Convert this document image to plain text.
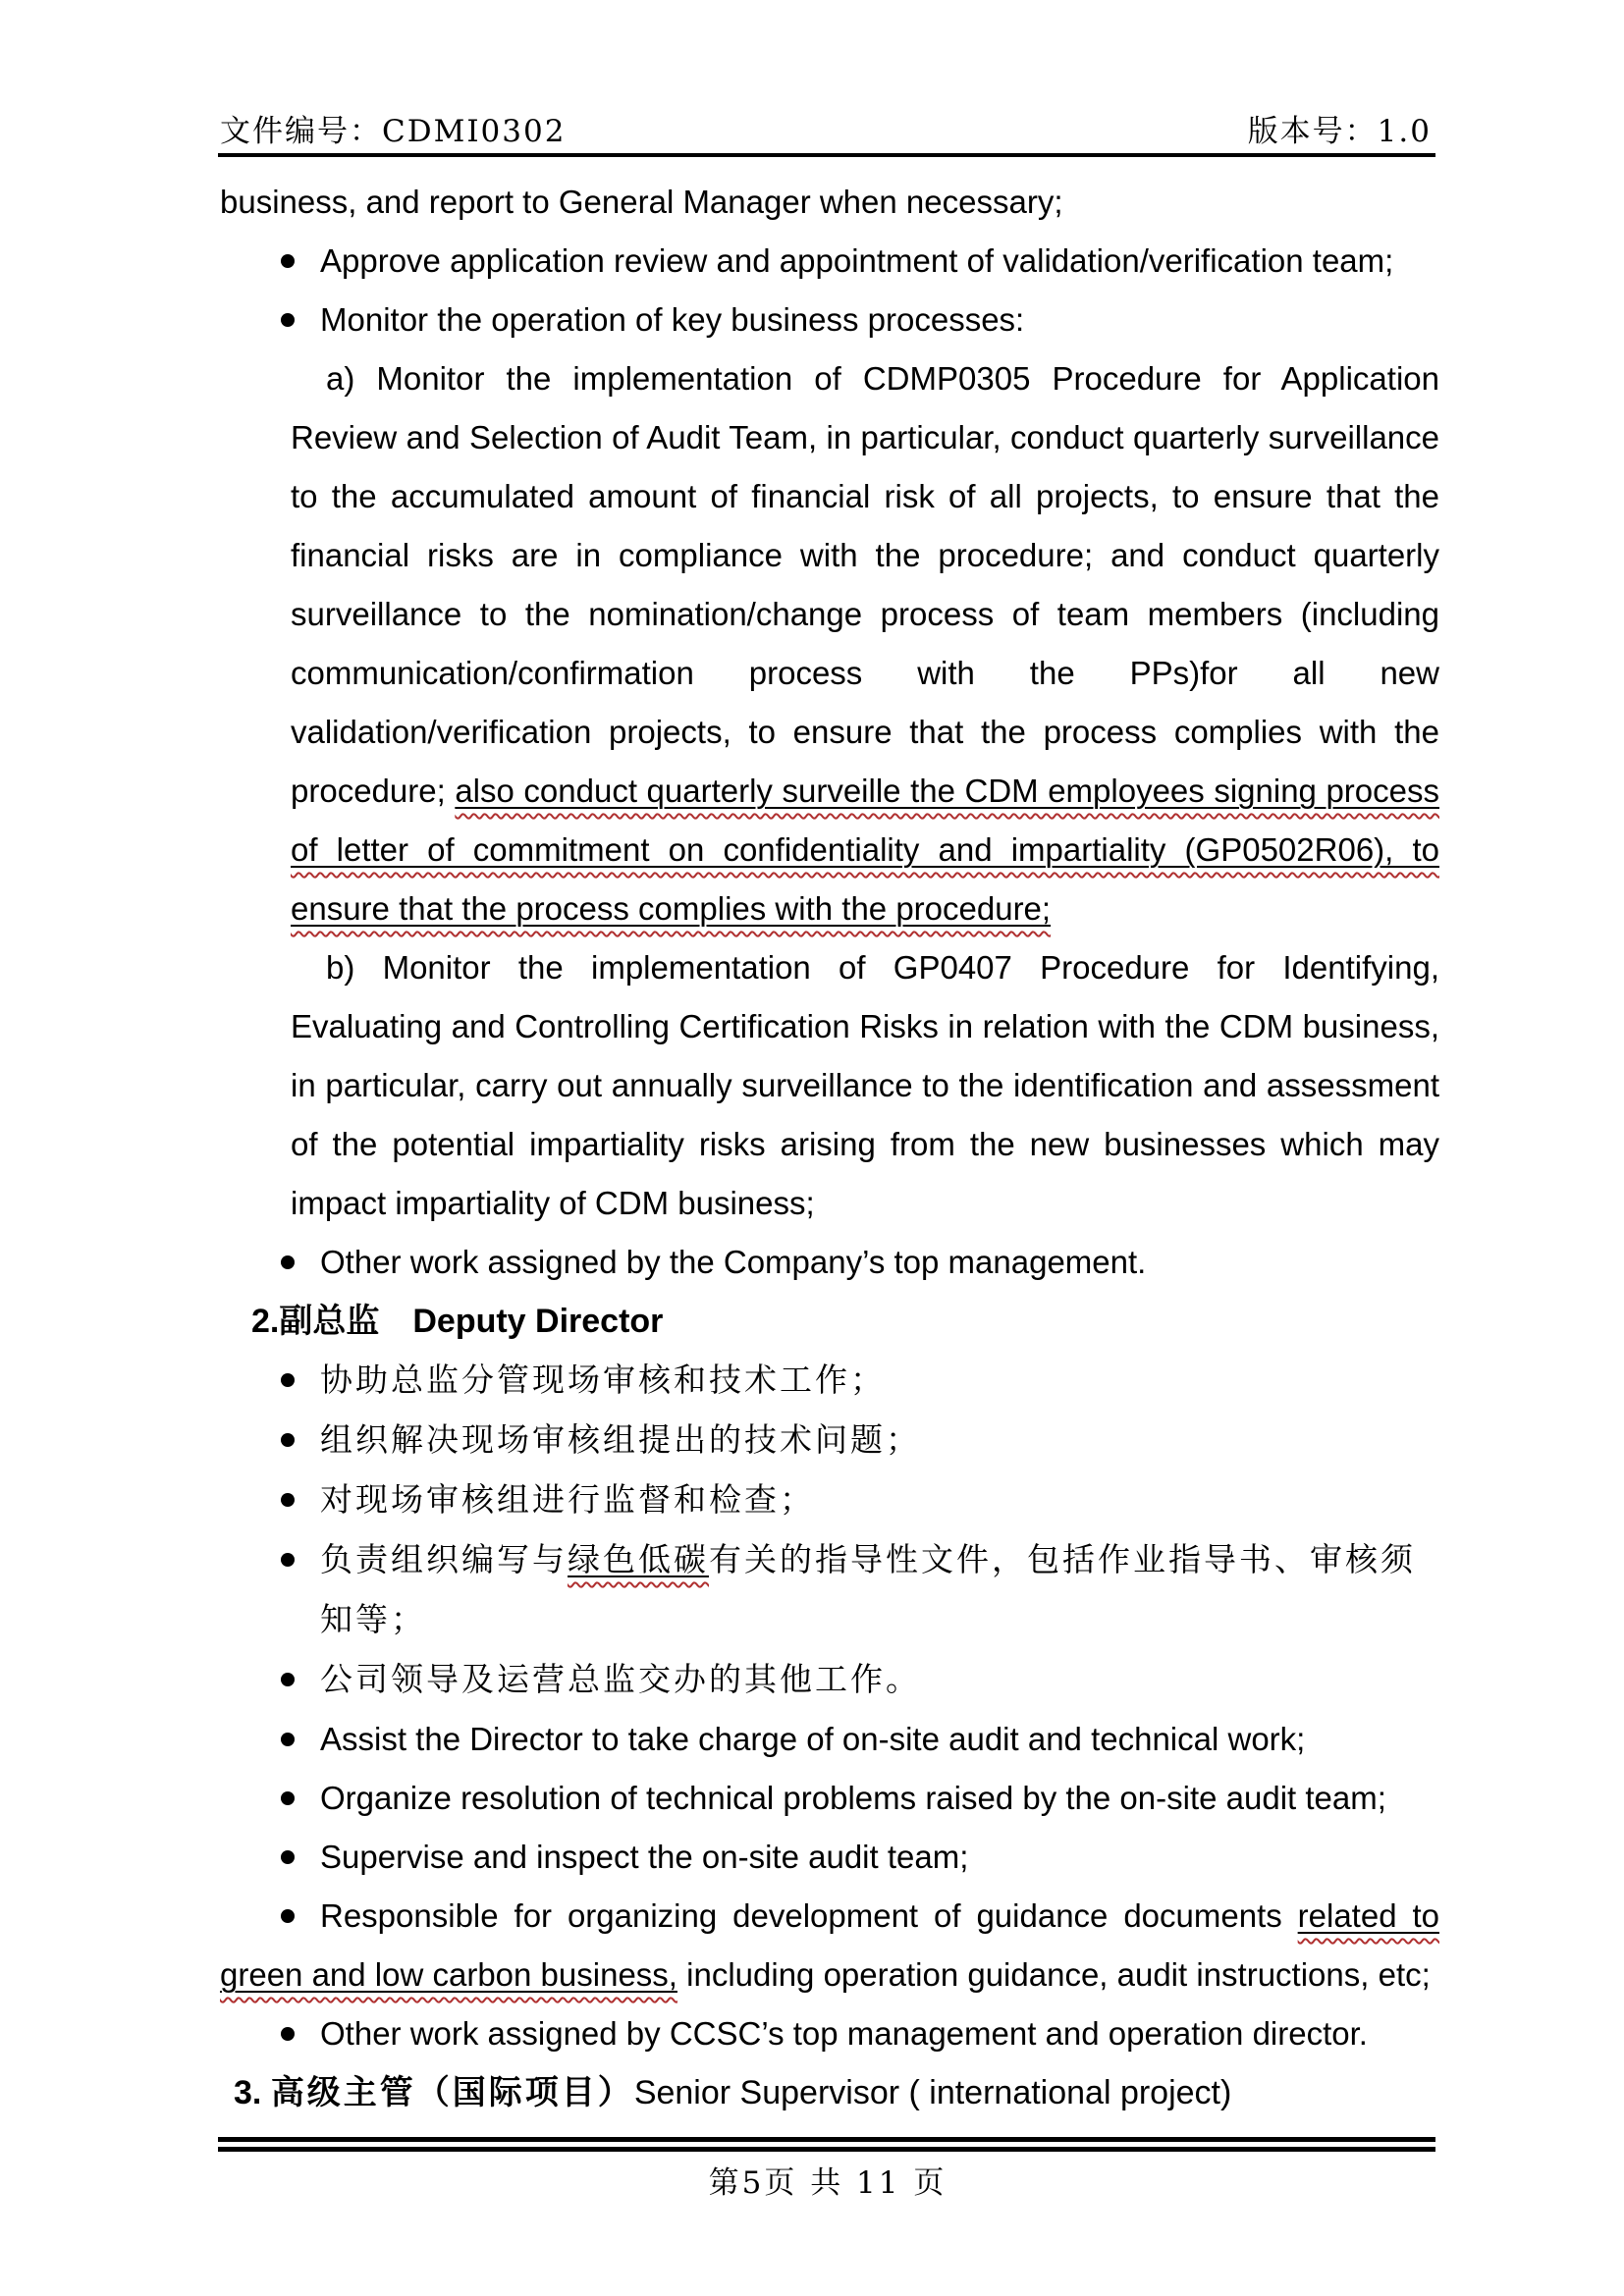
文件编号：CDMI0302	版本号：1.0

business, and report to General Manager when necessary;

Approve application review and appointment of validation/verification team;
Monitor the operation of key business processes:

a) Monitor the implementation of CDMP0305 Procedure for Application Review and Selection of Audit Team, in particular, conduct quarterly surveillance to the accumulated amount of financial risk of all projects, to ensure that the financial risks are in compliance with the procedure; and conduct quarterly surveillance to the nomination/change process of team members (including communication/confirmation process with the PPs)for all new validation/verification projects, to ensure that the process complies with the procedure; also conduct quarterly surveille the CDM employees signing process of letter of commitment on confidentiality and impartiality (GP0502R06), to ensure that the process complies with the procedure;

b) Monitor the implementation of GP0407 Procedure for Identifying, Evaluating and Controlling Certification Risks in relation with the CDM business, in particular, carry out annually surveillance to the identification and assessment of the potential impartiality risks arising from the new businesses which may impact impartiality of CDM business;

Other work assigned by the Company’s top management.

2.副总监　Deputy Director

协助总监分管现场审核和技术工作；
组织解决现场审核组提出的技术问题；
对现场审核组进行监督和检查；
负责组织编写与绿色低碳有关的指导性文件，包括作业指导书、审核须知等；
公司领导及运营总监交办的其他工作。
Assist the Director to take charge of on-site audit and technical work;
Organize resolution of technical problems raised by the on-site audit team;
Supervise and inspect the on-site audit team;

Responsible for organizing development of guidance documents related to green and low carbon business, including operation guidance, audit instructions, etc;

Other work assigned by CCSC’s top management and operation director.

3. 高级主管（国际项目）Senior Supervisor ( international project)

第5页 共 11 页
